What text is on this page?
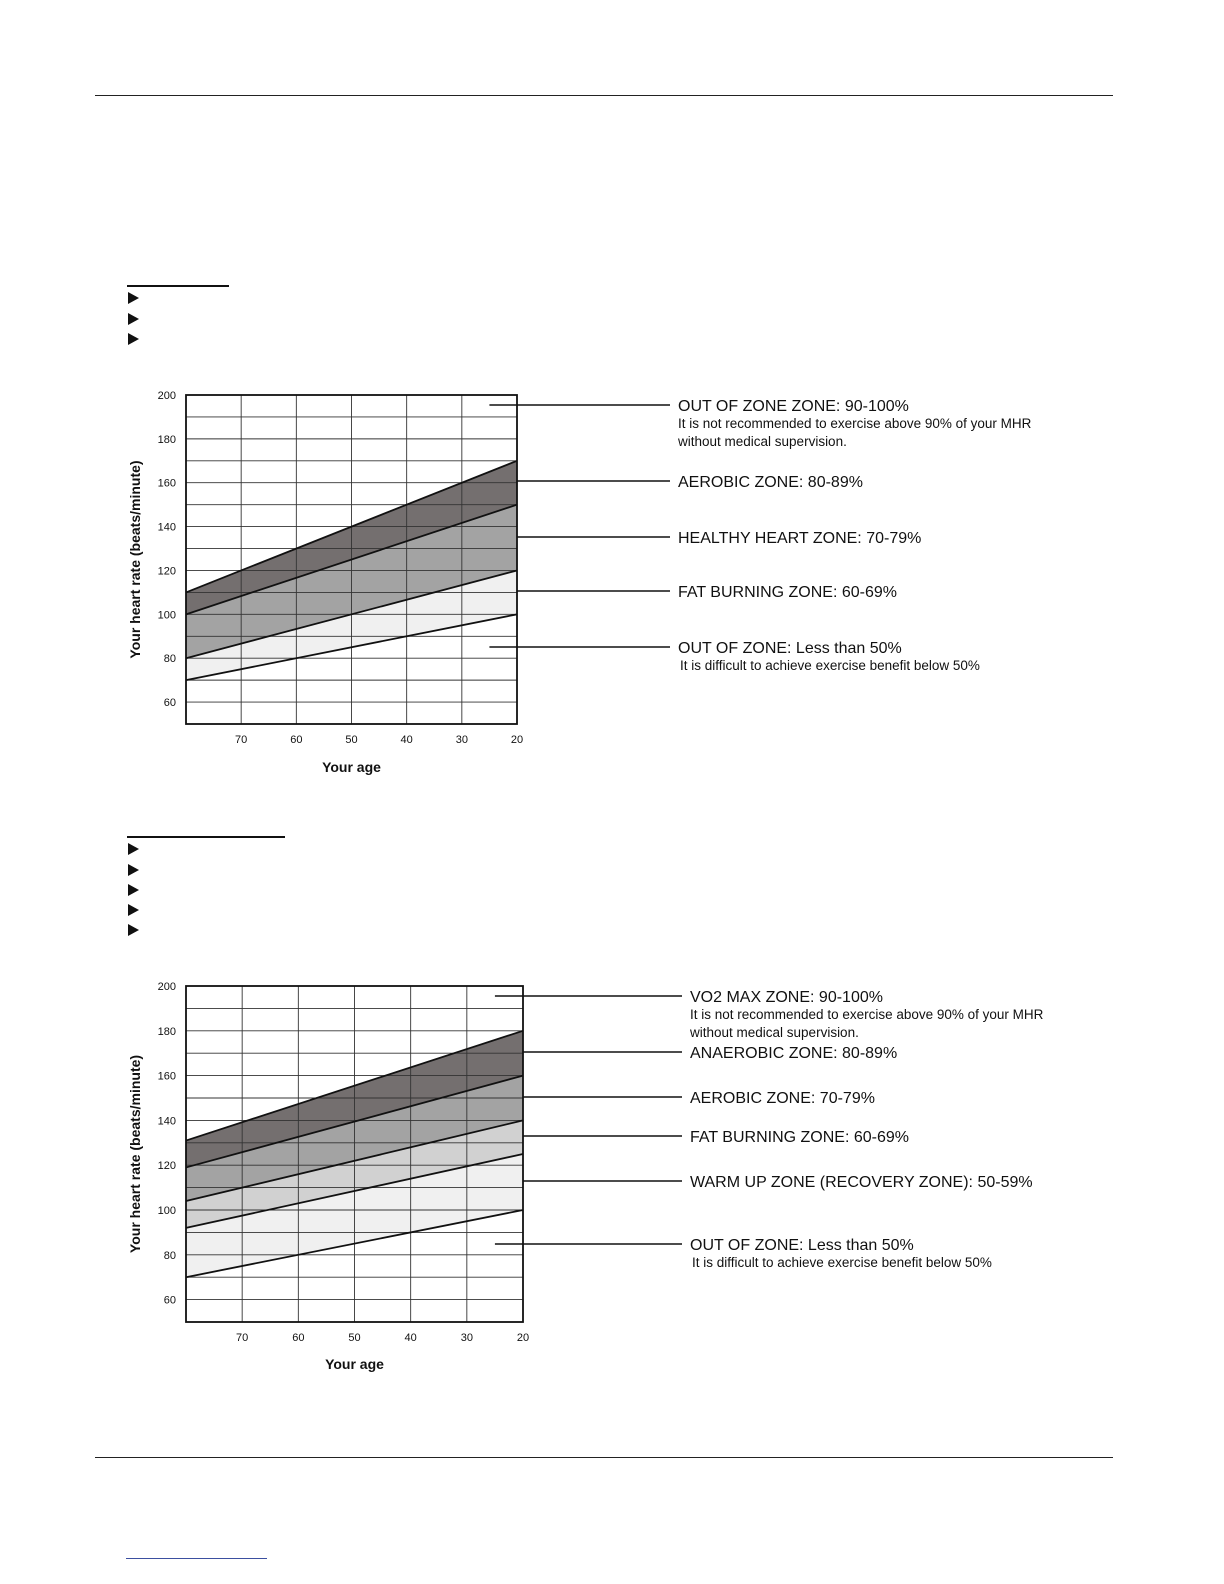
60
80
100
120
140
160
180
200
70	60	50	40	30	20
Your age
Your heart rate (beats/minute)
OUT OF ZONE ZONE: 90-100%
It is not recommended to exercise above 90% of your MHR
without medical supervision.
AEROBIC ZONE: 80-89%
HEALTHY HEART ZONE: 70-79%
FAT BURNING ZONE: 60-69%
OUT OF ZONE: Less than 50%
It is difficult to achieve exercise benefit below 50%
60
80
100
120
140
160
180
200
70	60	50	40	30	20
Your age
Your heart rate (beats/minute)
VO2 MAX ZONE: 90-100%
It is not recommended to exercise above 90% of your MHR
without medical supervision.
ANAEROBIC ZONE: 80-89%
AEROBIC ZONE: 70-79%
FAT BURNING ZONE: 60-69%
WARM UP ZONE (RECOVERY ZONE): 50-59%
OUT OF ZONE: Less than 50%
It is difficult to achieve exercise benefit below 50%
